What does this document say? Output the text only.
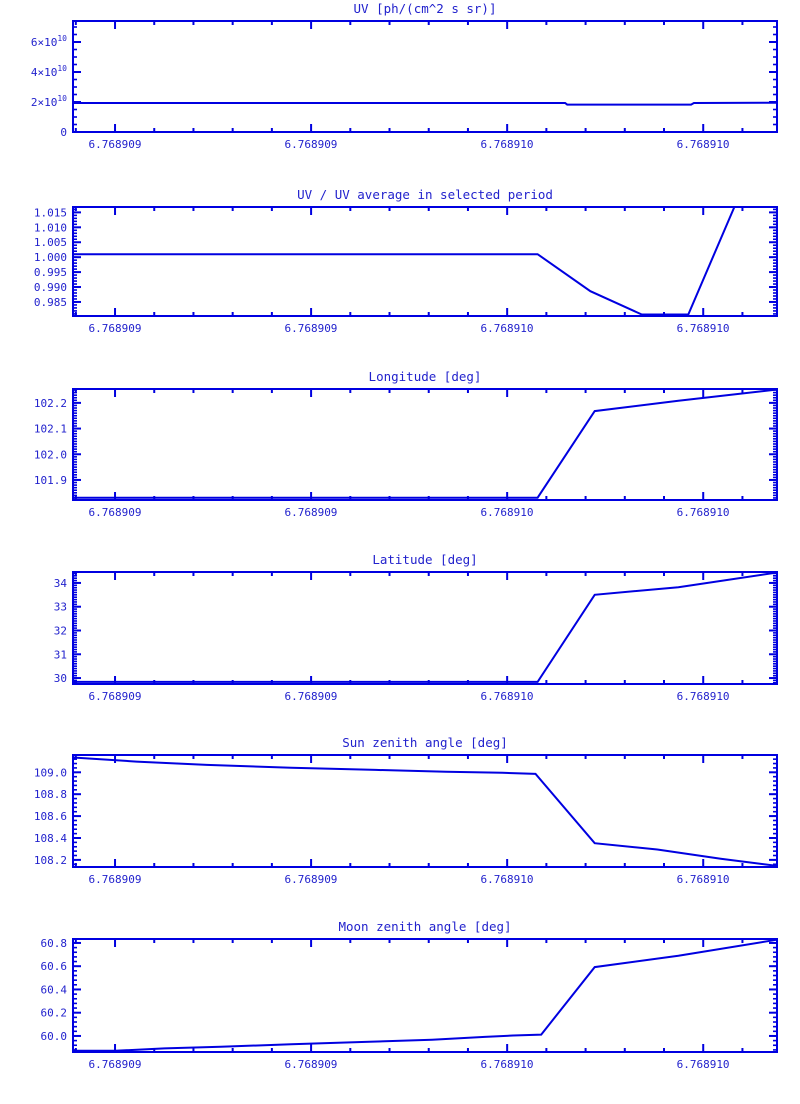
UV [ph/(cm^2 s sr)]
6.768909	6.768909	6.768910	6.768910
0
$2\times 10^{10}$
$4\times 10^{10}$
$6\times 10^{10}$
UV / UV average in selected period
6.768909	6.768909	6.768910	6.768910
0.985
0.990
0.995
1.000
1.005
1.010
1.015
Longitude [deg]
6.768909	6.768909	6.768910	6.768910
101.9
102.0
102.1
102.2
Latitude [deg]
6.768909	6.768909	6.768910	6.768910
30
31
32
33
34
Sun zenith angle [deg]
6.768909	6.768909	6.768910	6.768910
108.2
108.4
108.6
108.8
109.0
Moon zenith angle [deg]
6.768909	6.768909	6.768910	6.768910
60.0
60.2
60.4
60.6
60.8
